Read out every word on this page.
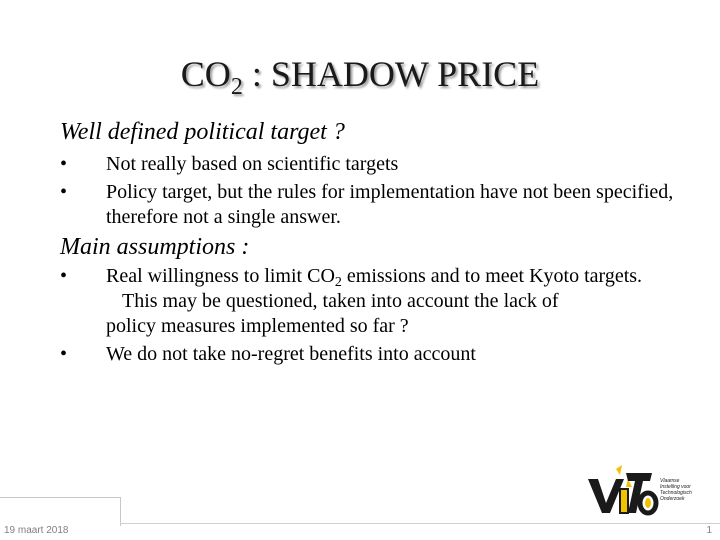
$CO_2$ : SHADOW PRICE
Well defined political target ?
•	Not really based on scientific targets
•	Policy target, but the rules for implementation have not been specified, therefore not a single answer.
Main assumptions :
•	Real willingness to limit $CO_2$ emissions and to meet Kyoto targets.
This may be questioned, taken into account the lack of
policy measures implemented so far ?
•	We do not take no-regret benefits into account
19 maart 2018	1
Vlaamse
Instelling voor
Technologisch
Onderzoek
